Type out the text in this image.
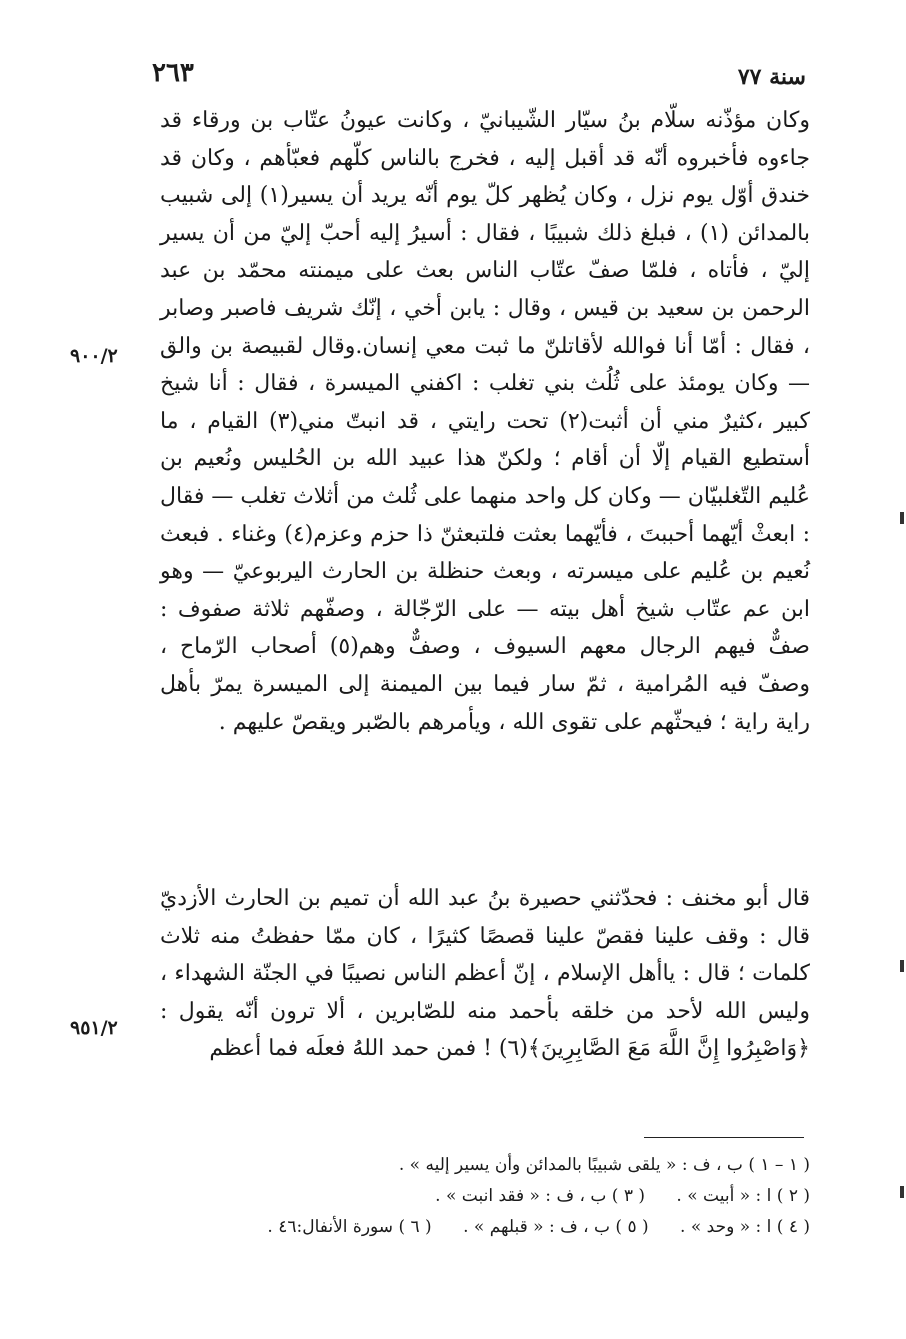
٢٦٣	سنة ٧٧
٩٠٠/٢
٩٥١/٢

وكان مؤذّنه سلّام بنُ سيّار الشّيبانيّ ، وكانت عيونُ عتّاب بن ورقاء قد جاءوه فأخبروه أنّه قد أقبل إليه ، فخرج بالناس كلّهم فعبّأهم ، وكان قد خندق أوّل يوم نزل ، وكان يُظهر كلّ يوم أنّه يريد أن يسير(١) إلى شبيب بالمدائن (١) ، فبلغ ذلك شبيبًا ، فقال : أسيرُ إليه أحبّ إليّ من أن يسير إليّ ، فأتاه ، فلمّا صفّ عتّاب الناس بعث على ميمنته محمّد بن عبد الرحمن بن سعيد بن قيس ، وقال : يابن أخي ، إنّك شريف فاصبر وصابر ، فقال : أمّا أنا فوالله لأقاتلنّ ما ثبت معي إنسان.وقال لقبيصة بن والق — وكان يومئذ على ثُلُث بني تغلب : اكفني الميسرة ، فقال : أنا شيخ كبير ،كثيرٌ مني أن أثبت(٢) تحت رايتي ، قد انبتّ مني(٣) القيام ، ما أستطيع القيام إلّا أن أقام ؛ ولكنّ هذا عبيد الله بن الحُليس ونُعيم بن عُليم التّغلبيّان — وكان كل واحد منهما على ثُلث من أثلاث تغلب — فقال : ابعثْ أيّهما أحببتَ ، فأيّهما بعثت فلتبعثنّ ذا حزم وعزم(٤) وغناء . فبعث نُعيم بن عُليم على ميسرته ، وبعث حنظلة بن الحارث اليربوعيّ — وهو ابن عم عتّاب شيخ أهل بيته — على الرّجّالة ، وصفّهم ثلاثة صفوف : صفٌّ فيهم الرجال معهم السيوف ، وصفٌّ وهم(٥) أصحاب الرّماح ، وصفّ فيه المُرامية ، ثمّ سار فيما بين الميمنة إلى الميسرة يمرّ بأهل راية راية ؛ فيحثّهم على تقوى الله ، ويأمرهم بالصّبر ويقصّ عليهم .

قال أبو مخنف : فحدّثني حصيرة بنُ عبد الله أن تميم بن الحارث الأزديّ قال : وقف علينا فقصّ علينا قصصًا كثيرًا ، كان ممّا حفظتُ منه ثلاث كلمات ؛ قال : ياأهل الإسلام ، إنّ أعظم الناس نصيبًا في الجنّة الشهداء ، وليس الله لأحد من خلقه بأحمد منه للصّابرين ، ألا ترون أنّه يقول : ﴿وَاصْبِرُوا إِنَّ اللَّهَ مَعَ الصَّابِرِينَ﴾(٦) ! فمن حمد اللهُ فعلَه فما أعظم

( ١ – ١ ) ب ، ف : « يلقى شبيبًا بالمدائن وأن يسير إليه » .
( ٢ ) ا : « أبيت » . ( ٣ ) ب ، ف : « فقد انبت » .
( ٤ ) ا : « وحد » . ( ٥ ) ب ، ف : « قبلهم » . ( ٦ ) سورة الأنفال:٤٦ .
